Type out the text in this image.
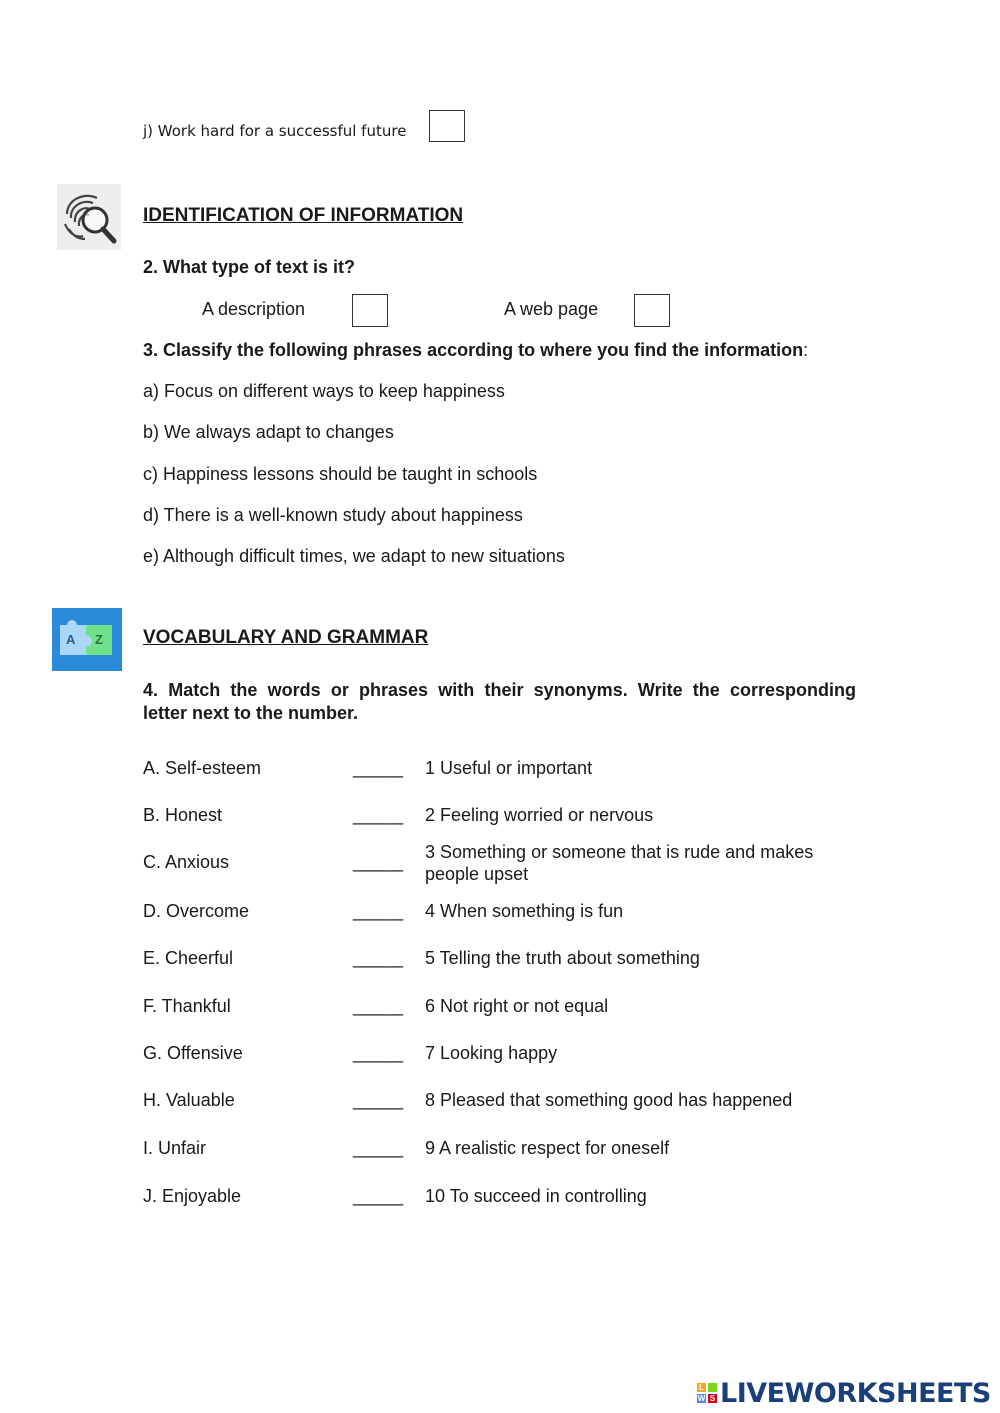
j) Work hard for a successful future
IDENTIFICATION OF INFORMATION
2. What type of text is it?
A description	A web page
3. Classify the following phrases according to where you find the information:
a) Focus on different ways to keep happiness
b) We always adapt to changes
c) Happiness lessons should be taught in schools
d) There is a well-known study about happiness
e) Although difficult times, we adapt to new situations
A Z VOCABULARY AND GRAMMAR
4. Match the words or phrases with their synonyms. Write the corresponding
letter next to the number.
A. Self-esteem	_____ 1 Useful or important
B. Honest	_____ 2 Feeling worried or nervous
C. Anxious	_____ 3 Something or someone that is rude and makes people upset
D. Overcome	_____ 4 When something is fun
E. Cheerful	_____ 5 Telling the truth about something
F. Thankful	_____ 6 Not right or not equal
G. Offensive	_____ 7 Looking happy
H. Valuable	_____ 8 Pleased that something good has happened
I. Unfair	_____ 9 A realistic respect for oneself
J. Enjoyable	_____ 10 To succeed in controlling
L
W S LIVEWORKSHEETS
